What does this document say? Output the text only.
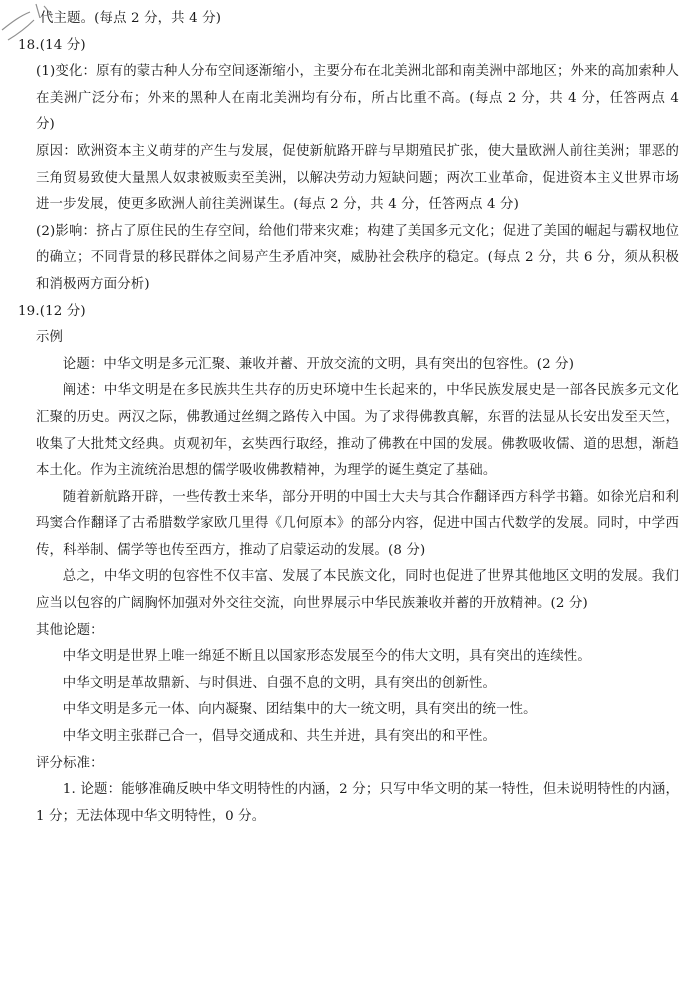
代主题。(每点 2 分，共 4 分)
18.(14 分)
(1)变化：原有的蒙古种人分布空间逐渐缩小，主要分布在北美洲北部和南美洲中部地区；外来的高加索种人在美洲广泛分布；外来的黑种人在南北美洲均有分布，所占比重不高。(每点 2 分，共 4 分，任答两点 4 分)
原因：欧洲资本主义萌芽的产生与发展，促使新航路开辟与早期殖民扩张，使大量欧洲人前往美洲；罪恶的三角贸易致使大量黑人奴隶被贩卖至美洲，以解决劳动力短缺问题；两次工业革命，促进资本主义世界市场进一步发展，使更多欧洲人前往美洲谋生。(每点 2 分，共 4 分，任答两点 4 分)
(2)影响：挤占了原住民的生存空间，给他们带来灾难；构建了美国多元文化；促进了美国的崛起与霸权地位的确立；不同背景的移民群体之间易产生矛盾冲突，威胁社会秩序的稳定。(每点 2 分，共 6 分，须从积极和消极两方面分析)
19.(12 分)
示例
论题：中华文明是多元汇聚、兼收并蓄、开放交流的文明，具有突出的包容性。(2 分)
阐述：中华文明是在多民族共生共存的历史环境中生长起来的，中华民族发展史是一部各民族多元文化汇聚的历史。两汉之际，佛教通过丝绸之路传入中国。为了求得佛教真解，东晋的法显从长安出发至天竺，收集了大批梵文经典。贞观初年，玄奘西行取经，推动了佛教在中国的发展。佛教吸收儒、道的思想，渐趋本土化。作为主流统治思想的儒学吸收佛教精神，为理学的诞生奠定了基础。
随着新航路开辟，一些传教士来华，部分开明的中国士大夫与其合作翻译西方科学书籍。如徐光启和利玛窦合作翻译了古希腊数学家欧几里得《几何原本》的部分内容，促进中国古代数学的发展。同时，中学西传，科举制、儒学等也传至西方，推动了启蒙运动的发展。(8 分)
总之，中华文明的包容性不仅丰富、发展了本民族文化，同时也促进了世界其他地区文明的发展。我们应当以包容的广阔胸怀加强对外交往交流，向世界展示中华民族兼收并蓄的开放精神。(2 分)
其他论题：
中华文明是世界上唯一绵延不断且以国家形态发展至今的伟大文明，具有突出的连续性。
中华文明是革故鼎新、与时俱进、自强不息的文明，具有突出的创新性。
中华文明是多元一体、向内凝聚、团结集中的大一统文明，具有突出的统一性。
中华文明主张群己合一，倡导交通成和、共生并进，具有突出的和平性。
评分标准：
1. 论题：能够准确反映中华文明特性的内涵，2 分；只写中华文明的某一特性，但未说明特性的内涵，1 分；无法体现中华文明特性，0 分。
